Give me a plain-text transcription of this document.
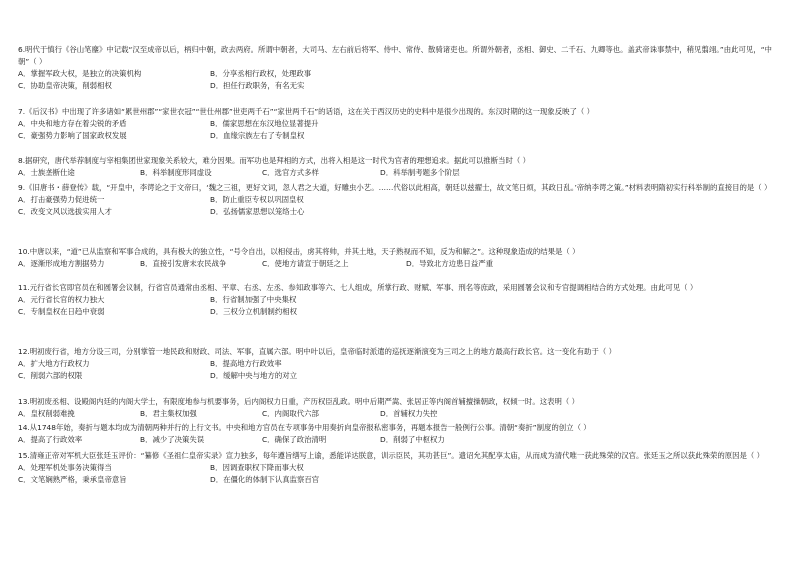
6.明代于慎行《谷山笔麈》中记载“汉至成帝以后，柄归中朝，政去两府。所谓中朝者，大司马、左右前后将军、侍中、常侍、散骑诸吏也。所谓外朝者，丞相、御史、二千石、九卿等也。盖武帝诛事禁中，稍见翦翊。”由此可见，“中朝”（ ）
A．掌握军政大权，是独立的决策机构	B．分享丞相行政权，处理政事
C．协助皇帝决策，削弱相权	D．担任行政职务，有名无实
7.《后汉书》中出现了许多诸如“累世州郡”“家世衣冠”“世仕州郡”世吏两千石”“家世两千石”的话语，这在关于西汉历史的史料中是很少出现的。东汉时期的这一现象反映了（ ）
A．中央和地方存在着尖锐的矛盾	B．儒家思想在东汉地位显著提升
C．豪强势力影响了国家政权发展	D．血缘宗族左右了专制皇权
8.据研究，唐代举荐制度与宰相集团世家现象关系较大，难分因果。而军功也是拜相的方式，出将入相是这一时代为官者的理想追求。据此可以推断当时（ ）
A．士族垄断仕途	B．科举制度形同虚设	C．选官方式多样	D．科举制考题多个阶层
9.《旧唐书・薛登传》载，“开皇中，李谔论之于文帝曰，‘魏之三祖，更好文词，忽人君之大道，好雕虫小艺。……代俗以此相高，朝廷以兹擢士，故文笔日烦，其政日乱。’帝纳李谔之策。”材料表明隋初实行科举制的直接目的是（ ）
A．打击豪强势力促进统一	B．防止重臣专权以巩固皇权
C．改变文风以选拔实用人才	D．弘扬儒家思想以笼络士心
10.中唐以来，“道”已从监察和军事合成的，具有极大的独立性，“号令自出，以相侵击，虏其将帅，并其土地，天子熟视而不知，反为和解之”。这种现象造成的结果是（ ）
A．逐渐形成地方割据势力	B．直接引发唐末农民战争	C．使地方请宣于朝廷之上	D．导致北方边患日益严重
11.元行省长官即官员在和圆署会议制，行省官员通常由丞相、平章、右丞、左丞、参知政事等六、七人组成，所掌行政、财赋、军事、刑名等庶政，采用圆署会议和专官提调相结合的方式处理。由此可见（ ）
A．元行省长官的权力独大	B．行省制加强了中央集权
C．专制皇权在日趋中衰弱	D．三权分立机制制约相权
12.明初废行省，地方分设三司，分别掌管一地民政和财政、司法、军事，直属六部。明中叶以后，皇帝临时派遣的巡抚逐渐演变为三司之上的地方最高行政长官。这一变化有助于（ ）
A．扩大地方行政权力	B．提高地方行政效率
C．削弱六部的权限	D．缓解中央与地方的对立
13.明初废丞相、设殿阁内廷的内阁大学士，有限度地参与机要事务，后内阁权力日重，产历权臣乱政。明中后期严嵩、张居正等内阁首辅擅操朝政，权倾一时。这表明（ ）
A．皇权削弱难挽	B．君主集权加强	C．内阁取代六部	D．首辅权力失控
14.从1748年始，奏折与题本均成为清朝两种并行的上行文书。中央和地方官员在专项事务中用奏折向皇帝报私密事务，再题本报告一般例行公事。清朝“奏折”制度的创立（ ）
A．提高了行政效率	B．减少了决策失误	C．确保了政治清明	D．削弱了中枢权力
15.清雍正帝对军机大臣张廷玉评价：“纂修《圣祖仁皇帝实录》宣力独多，每年遵旨缮写上谕，悉能详达朕意，训示臣民，其功甚巨”。遗诏允其配享太庙，从而成为清代唯一获此殊荣的汉官。张廷玉之所以获此殊荣的原因是（ ）
A．处理军机处事务决策得当	B．因调查职权下降而事大权
C．文笔娴熟严格，秉承皇帝意旨	D．在僵化的体制下认真监察百官
